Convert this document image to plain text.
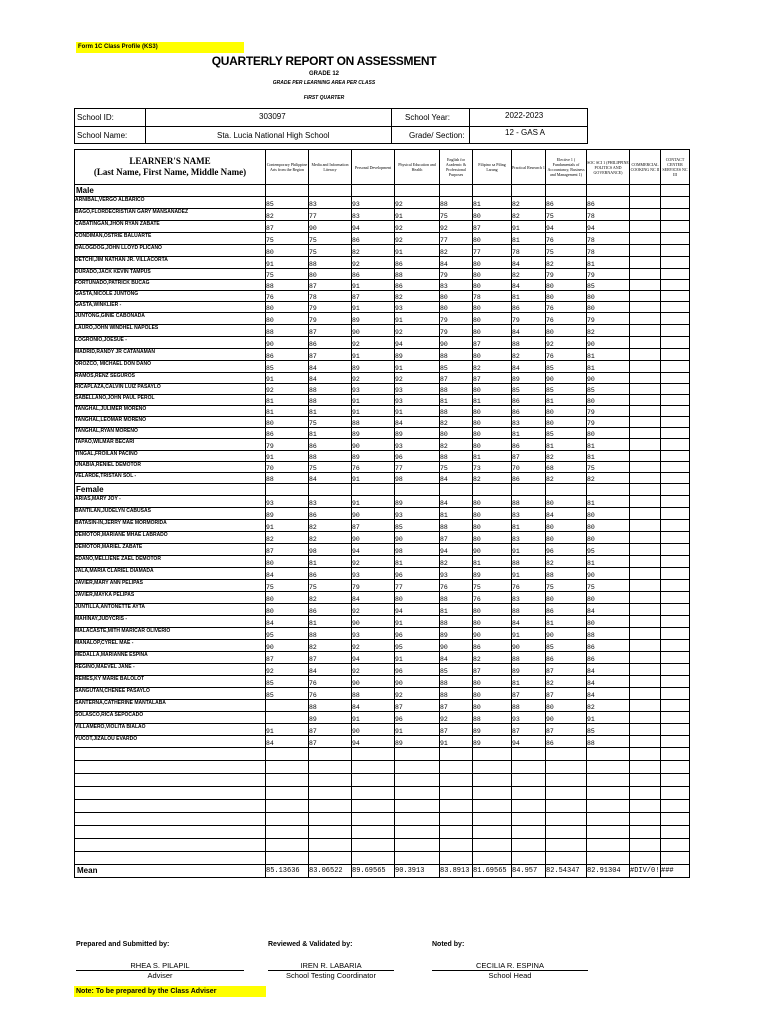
Form 1C Class Profile (KS3)
QUARTERLY REPORT ON ASSESSMENT
GRADE 12
GRADE PER LEARNING AREA PER CLASS
FIRST QUARTER
School ID:	303097	School Year:	2022-2023
School Name:	Sta. Lucia National High School	Grade/ Section:	12 - GAS A
LEARNER'S NAME
(Last Name, First Name, Middle Name)	Contemporary Philippine Arts from the Region	Media and Information Literacy	Personal Development	Physical Education and Health	English for Academic & Professional Purposes	Filipino sa Piling Larang	Practical Research 1	Elective 1 ( Fundamentals of Accountancy, Business and Management 1)	SOC SCI 1 (PHILIPPINE POLITICS AND GOVERNANCE)	COMMERCIAL COOKING NC II	CONTACT CENTER SERVICES NC III
Male											
ARNIBAL,VERGO ALBARICO	85	83	93	92	88	81	82	86	86		
BAGO,FLORDECRISTIAN GARY MANSANADEZ	82	77	83	91	75	80	82	75	78		
CABATINGAN,JHON RYAN ZABATE	87	90	94	92	92	87	91	94	94		
CONDIMAN,OSTRIE BALUARTE	75	75	86	92	77	80	81	76	78		
DALOGDOG,JOHN LLOYD PLICANO	80	75	82	91	82	77	78	75	78		
DETCHI,JIM NATHAN JR. VILLACORTA	91	88	92	86	84	80	84	82	81		
DURADO,JACK KEVIN TAMPUS	75	80	86	88	79	80	82	79	79		
FORTUNADO,PATRICK BUCAG	88	87	91	86	83	80	84	80	85		
GASTA,NICOLE JUNTONG	76	78	87	82	80	78	81	80	80		
GASTA,WINKLIER -	80	79	91	93	80	80	86	76	80		
JUNTONG,GINIE CABONADA	80	79	89	91	79	80	79	76	79		
LAURO,JOHN WINDHEL NAPOLES	88	87	90	92	79	80	84	80	82		
LOGRONIO,JOESUE -	90	86	92	94	90	87	88	92	90		
MADRID,RANDY JR CATANAMAN	86	87	91	89	88	80	82	76	81		
OROZCO, MICHAEL DON DANO	85	84	89	91	85	82	84	85	81		
RAMOS,RENZ SEGUROS	91	84	92	92	87	87	89	90	90		
RICAPLAZA,CALVIN LUIZ PASAYLO	92	88	93	93	88	80	85	85	85		
SABELLANO,JOHN PAUL PEROL	81	88	91	93	81	81	86	81	80		
TANGHAL,JULIMER MORENO	81	81	91	91	88	80	86	80	79		
TANGHAL,LEOMAR MORENO	80	75	88	84	82	80	83	80	79		
TANGHAL,RYAN MORENO	86	81	89	89	80	80	81	85	80		
TAPAO,WILMAR BECARI	79	86	90	93	82	80	86	81	81		
TINGAL,FROILAN PACINO	91	88	89	96	88	81	87	82	81		
UNABIA,RENIEL DEMOTOR	70	75	76	77	75	73	70	68	75		
VELARDE,TRISTAN SOL -	88	84	91	98	84	82	86	82	82		
Female											
ARIAS,MARY JOY -	93	83	91	89	84	80	88	80	81		
BANTILAN,JUDELYN CABUSAS	89	86	90	93	81	80	83	84	80		
BATASIN-IN,JERRY MAE MORMORIDA	91	82	87	85	88	80	81	80	80		
DEMOTOR,MARIANE MHAE LABRADO	82	82	90	90	87	80	83	80	80		
DEMOTOR,MARIEL ZABATE	87	98	94	98	94	90	91	96	95		
EDAÑO,MELLIENE ZAEL DEMOTOR	80	81	92	81	82	81	88	82	81		
JALA,MARIA CLARIEL DIAMADA	84	86	93	96	93	89	91	88	90		
JAVIER,MARY ANN PELIPAS	75	75	79	77	76	75	76	75	75		
JAVIER,MAYKA PELIPAS	80	82	84	80	88	76	83	80	80		
JUNTILLA,ANTONETTE AYTA	80	86	92	94	81	80	88	86	84		
MAHINAY,JUDYCRIS -	84	81	90	91	88	80	84	81	80		
MALACASTE,MITH MARICAR OLIVERIO	95	88	93	96	89	90	91	90	88		
MANALOP,CYREL MAE -	90	82	92	95	90	86	90	85	86		
MEDALLA,MARIANNE ESPINA	87	87	94	91	84	82	88	86	86		
REGINO,MAEVEL JANE -	92	84	92	96	85	87	89	87	84		
REMES,KY MARIE BALOLOT	85	76	90	90	88	80	81	82	84		
SANGUTAN,CHENEE PASAYLO	85	76	88	92	88	80	87	87	84		
SANTERNA,CATHERINE MANTALABA		88	84	87	87	80	88	80	82		
SOLASCO,RICA SEPOCADO		89	91	96	92	88	93	90	91		
VILLAMERO,VIOLITA BIALAO	91	87	90	91	87	89	87	87	85		
YUCOT,JIZALOU EVARDO	84	87	94	89	91	89	94	86	88		

Mean	85.13636	83.06522	89.69565	90.3913	83.8913	81.69565	84.957	82.54347	82.91304	#DIV/0!	###
Prepared and Submitted by:	Reviewed & Validated by:	Noted by:
RHEA S. PILAPIL
Adviser
IREN R. LABARIA
School Testing Coordinator
CECILIA R. ESPINA
School Head
Note: To be prepared by the Class Adviser
